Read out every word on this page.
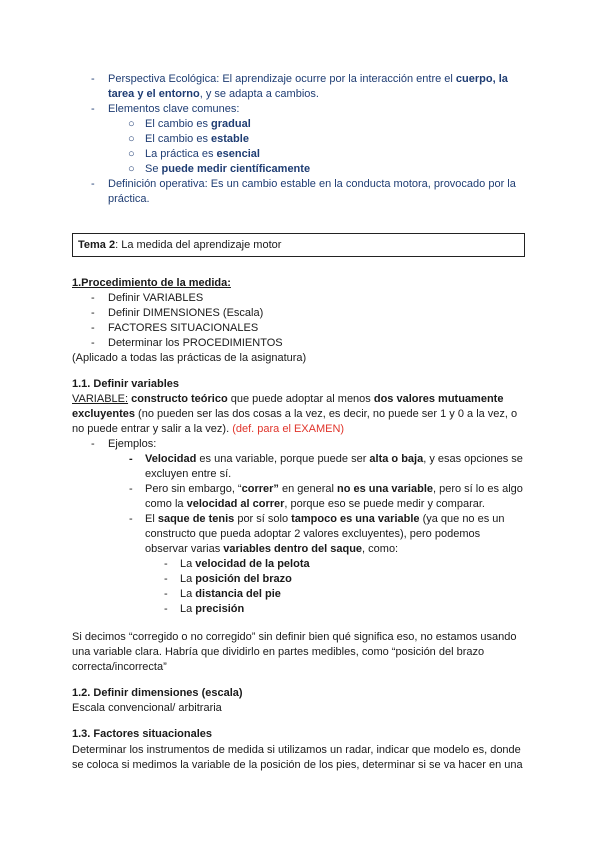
- Perspectiva Ecológica: El aprendizaje ocurre por la interacción entre el cuerpo, la
tarea y el entorno, y se adapta a cambios.
- Elementos clave comunes:
○ El cambio es gradual
○ El cambio es estable
○ La práctica es esencial
○ Se puede medir científicamente
- Definición operativa: Es un cambio estable en la conducta motora, provocado por la
práctica.
Tema 2: La medida del aprendizaje motor
1.Procedimiento de la medida:
- Definir VARIABLES
- Definir DIMENSIONES (Escala)
- FACTORES SITUACIONALES
- Determinar los PROCEDIMIENTOS
(Aplicado a todas las prácticas de la asignatura)
1.1. Definir variables
VARIABLE: constructo teórico que puede adoptar al menos dos valores mutuamente
excluyentes (no pueden ser las dos cosas a la vez, es decir, no puede ser 1 y 0 a la vez, o
no puede entrar y salir a la vez). (def. para el EXAMEN)
- Ejemplos:
- Velocidad es una variable, porque puede ser alta o baja, y esas opciones se
excluyen entre sí.
- Pero sin embargo, “correr” en general no es una variable, pero sí lo es algo
como la velocidad al correr, porque eso se puede medir y comparar.
- El saque de tenis por sí solo tampoco es una variable (ya que no es un
constructo que pueda adoptar 2 valores excluyentes), pero podemos
observar varias variables dentro del saque, como:
- La velocidad de la pelota
- La posición del brazo
- La distancia del pie
- La precisión
Si decimos “corregido o no corregido” sin definir bien qué significa eso, no estamos usando
una variable clara. Habría que dividirlo en partes medibles, como “posición del brazo
correcta/incorrecta”
1.2. Definir dimensiones (escala)
Escala convencional/ arbitraria
1.3. Factores situacionales
Determinar los instrumentos de medida si utilizamos un radar, indicar que modelo es, donde
se coloca si medimos la variable de la posición de los pies, determinar si se va hacer en una
